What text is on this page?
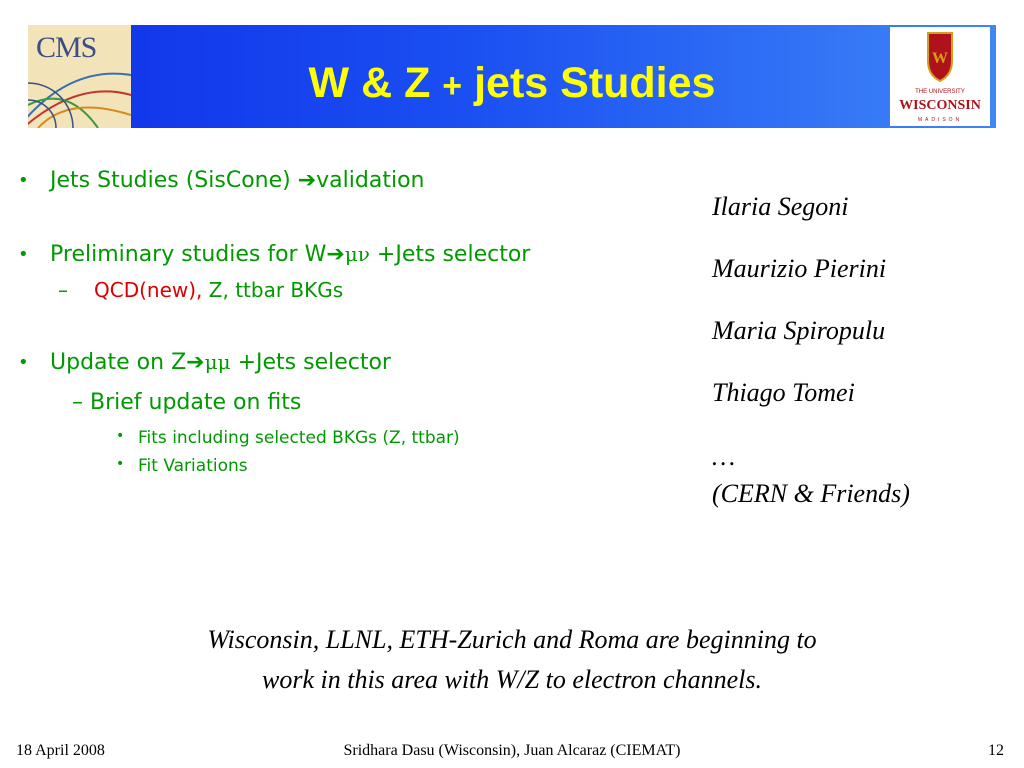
CMS
W & Z + jets Studies
W
THE UNIVERSITY
WISCONSIN
MADISON
• Jets Studies (SisCone) ➔validation
• Preliminary studies for W➔μν +Jets selector
– QCD(new), Z, ttbar BKGs
• Update on Z➔μμ +Jets selector
– Brief update on fits
• Fits including selected BKGs (Z, ttbar)
• Fit Variations
Ilaria Segoni
Maurizio Pierini
Maria Spiropulu
Thiago Tomei
…
(CERN & Friends)
Wisconsin, LLNL, ETH-Zurich and Roma are beginning to
work in this area with W/Z to electron channels.
18 April 2008	Sridhara Dasu (Wisconsin), Juan Alcaraz (CIEMAT)	12
